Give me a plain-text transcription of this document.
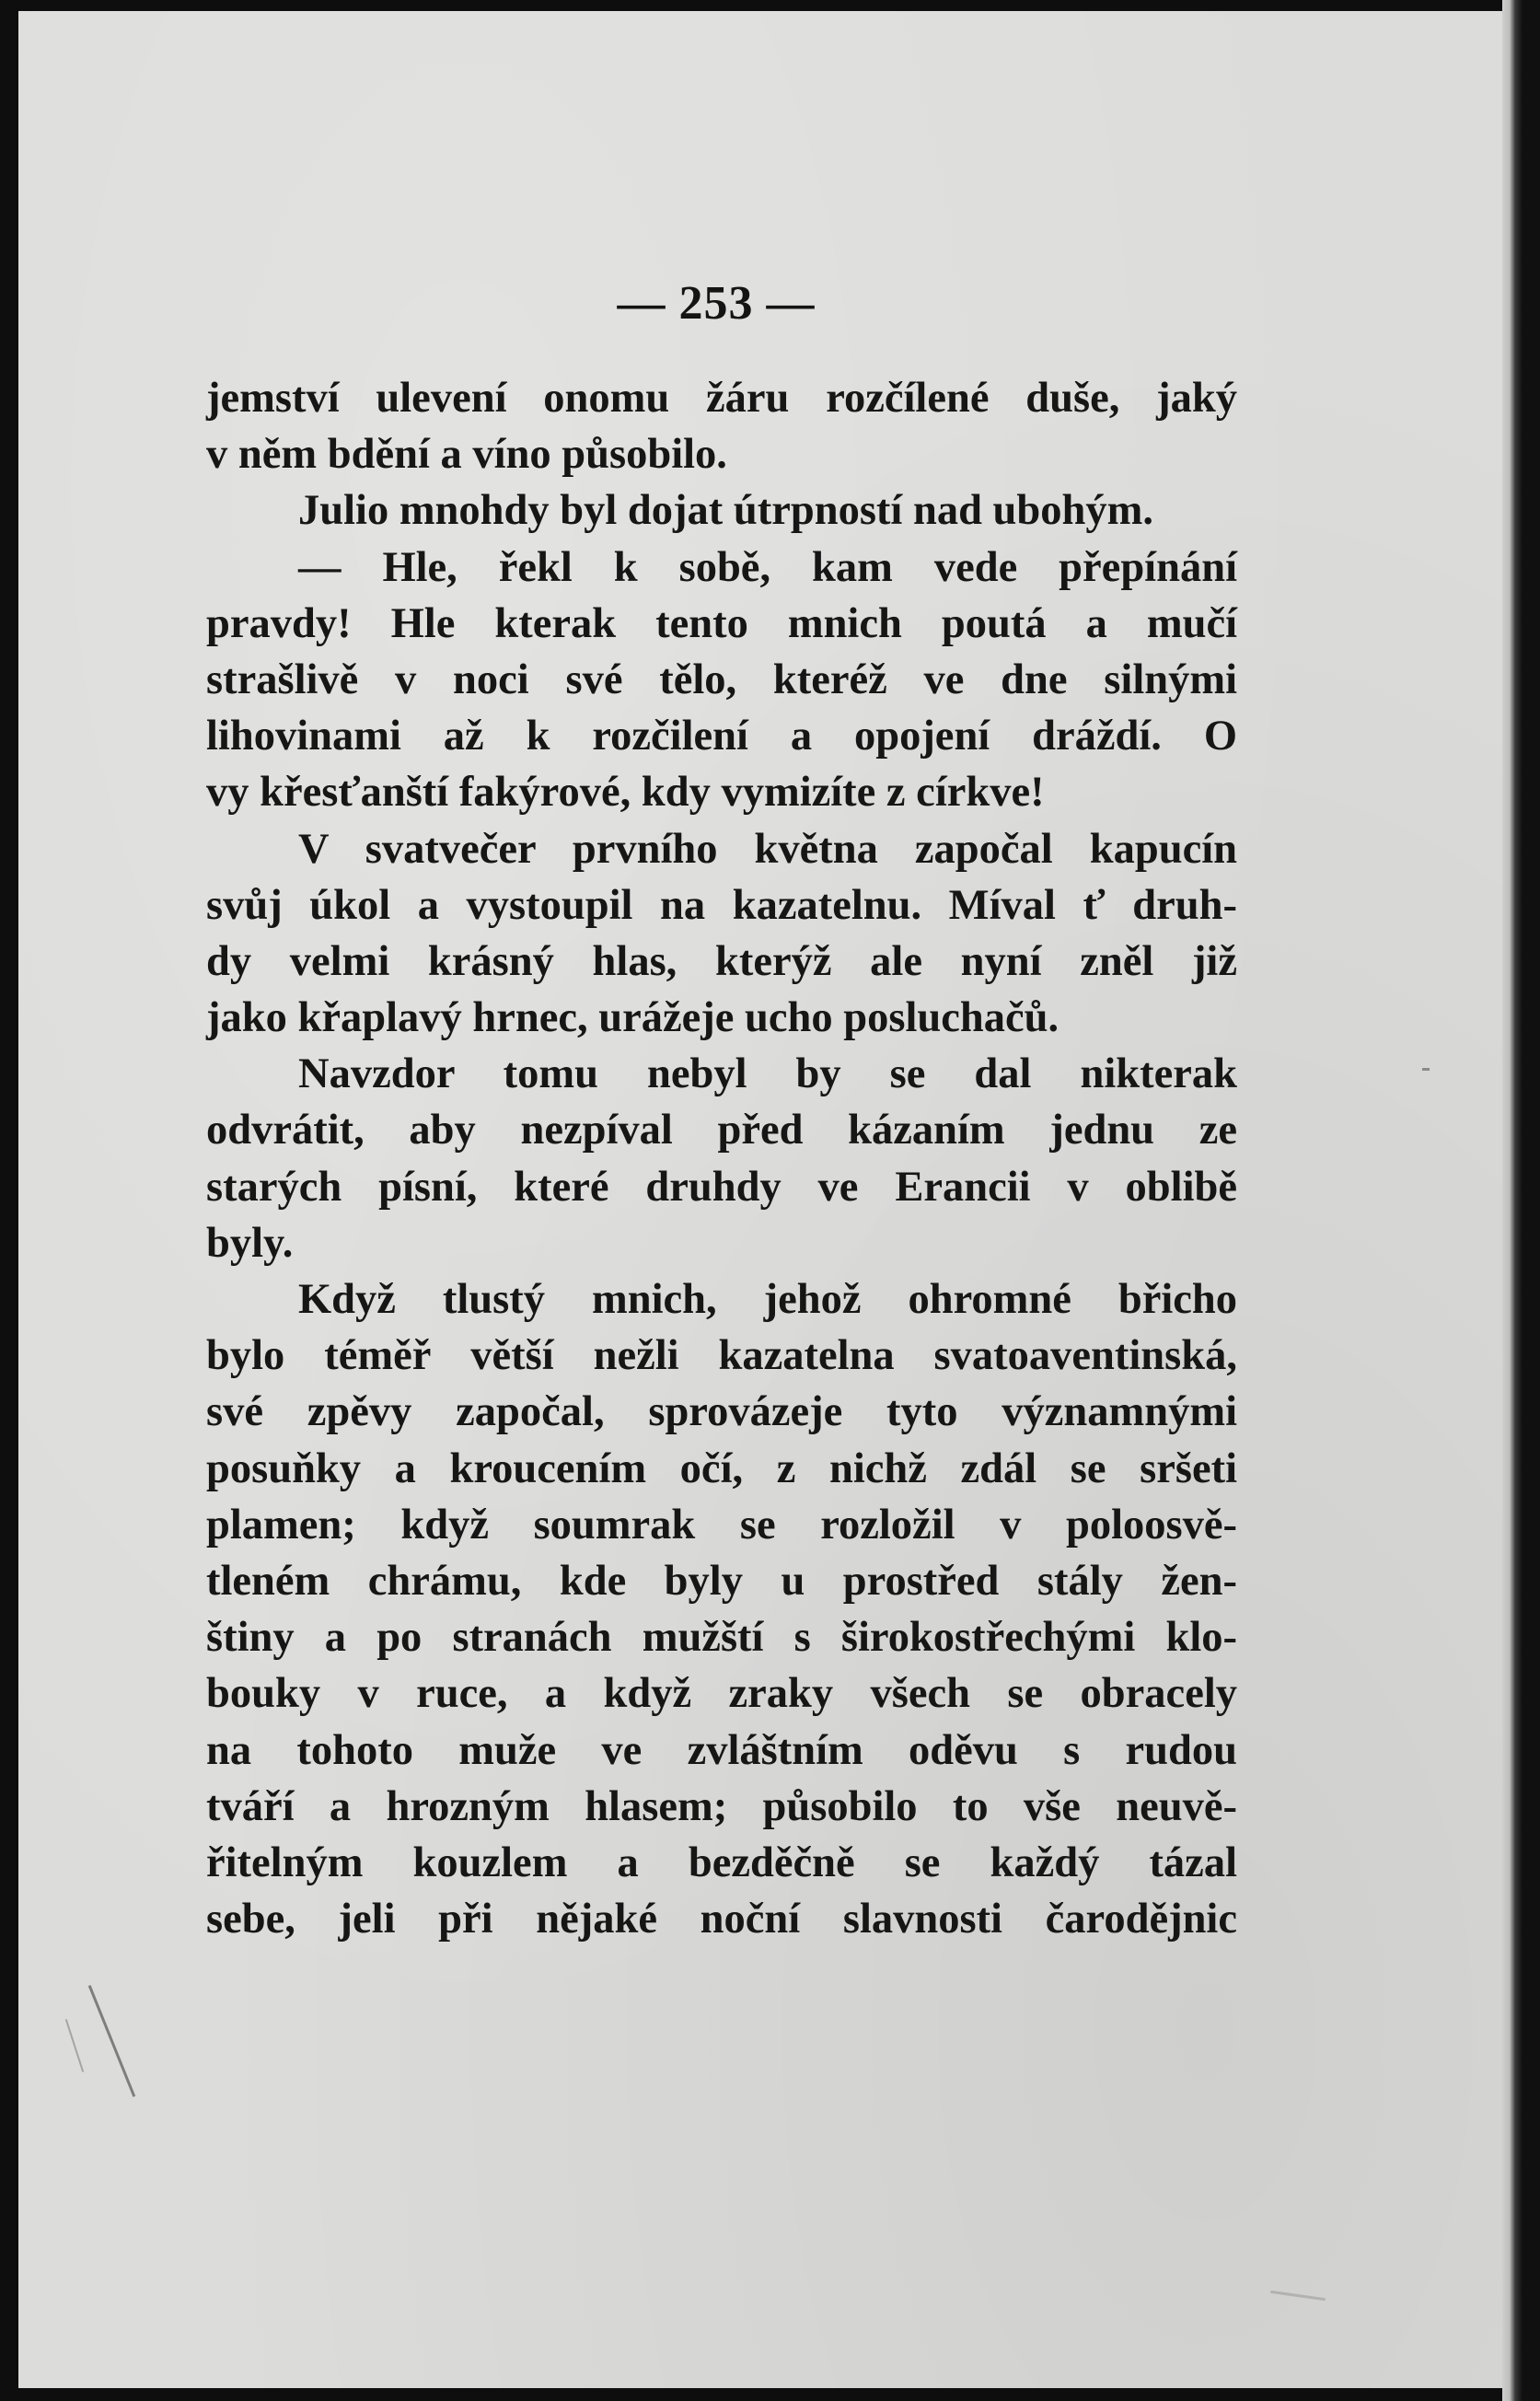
— 253 —
jemství ulevení onomu žáru rozčílené duše, jaký
v něm bdění a víno působilo.
Julio mnohdy byl dojat útrpností nad ubohým.
— Hle, řekl k sobě, kam vede přepínání
pravdy! Hle kterak tento mnich poutá a mučí
strašlivě v noci své tělo, kteréž ve dne silnými
lihovinami až k rozčilení a opojení dráždí. O
vy křesťanští fakýrové, kdy vymizíte z církve!
V svatvečer prvního května započal kapucín
svůj úkol a vystoupil na kazatelnu. Míval ť druh-
dy velmi krásný hlas, kterýž ale nyní zněl již
jako křaplavý hrnec, urážeje ucho posluchačů.
Navzdor tomu nebyl by se dal nikterak
odvrátit, aby nezpíval před kázaním jednu ze
starých písní, které druhdy ve Erancii v oblibě
byly.
Když tlustý mnich, jehož ohromné břicho
bylo téměř větší nežli kazatelna svatoaventinská,
své zpěvy započal, sprovázeje tyto významnými
posuňky a kroucením očí, z nichž zdál se sršeti
plamen; když soumrak se rozložil v poloosvě-
tleném chrámu, kde byly u prostřed stály žen-
štiny a po stranách mužští s širokostřechými klo-
bouky v ruce, a když zraky všech se obracely
na tohoto muže ve zvláštním oděvu s rudou
tváří a hrozným hlasem; působilo to vše neuvě-
řitelným kouzlem a bezděčně se každý tázal
sebe, jeli při nějaké noční slavnosti čarodějnic
